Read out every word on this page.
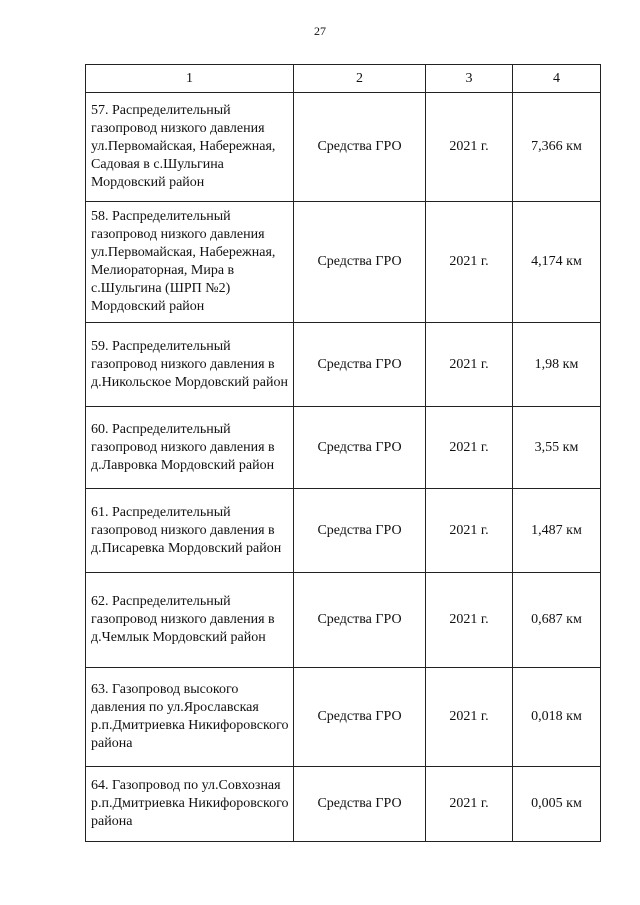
27
1	2	3	4
57. Распределительный газопровод низкого давления ул.Первомайская, Набережная, Садовая в с.Шульгина Мордовский район	Средства ГРО	2021 г.	7,366 км
58. Распределительный газопровод низкого давления ул.Первомайская, Набережная, Мелиораторная, Мира в с.Шульгина (ШРП №2) Мордовский район	Средства ГРО	2021 г.	4,174 км
59. Распределительный газопровод низкого давления в д.Никольское Мордовский район	Средства ГРО	2021 г.	1,98 км
60. Распределительный газопровод низкого давления в д.Лавровка Мордовский район	Средства ГРО	2021 г.	3,55 км
61. Распределительный газопровод низкого давления в д.Писаревка Мордовский район	Средства ГРО	2021 г.	1,487 км
62. Распределительный газопровод низкого давления в д.Чемлык Мордовский район	Средства ГРО	2021 г.	0,687 км
63. Газопровод высокого давления по ул.Ярославская р.п.Дмитриевка Никифоровского района	Средства ГРО	2021 г.	0,018 км
64. Газопровод по ул.Совхозная р.п.Дмитриевка Никифоровского района	Средства ГРО	2021 г.	0,005 км
